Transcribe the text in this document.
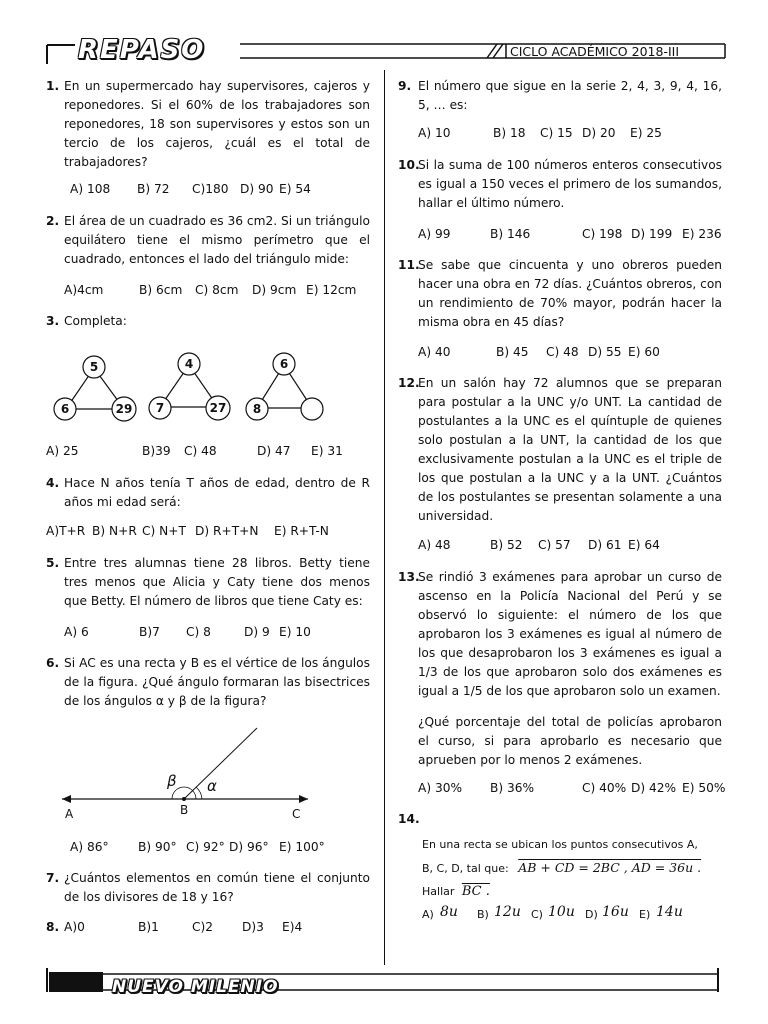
REPASO	CICLO ACADÉMICO 2018-III
1. En un supermercado hay supervisores, cajeros y reponedores. Si el 60% de los trabajadores son reponedores, 18 son supervisores y estos son un tercio de los cajeros, ¿cuál es el total de trabajadores?
A) 108 B) 72 C)180 D) 90 E) 54
2. El área de un cuadrado es 36 cm2. Si un triángulo equilátero tiene el mismo perímetro que el cuadrado, entonces el lado del triángulo mide:
A)4cm	B) 6cm C) 8cm D) 9cm E) 12cm
3. Completa:
5
6	29
4
7	27
6
8
A) 25	B)39 C) 48	D) 47 E) 31
4. Hace N años tenía T años de edad, dentro de R años mi edad será:
A)T+R B) N+R C) N+T D) R+T+N E) R+T-N
5. Entre tres alumnas tiene 28 libros. Betty tiene tres menos que Alicia y Caty tiene dos menos que Betty. El número de libros que tiene Caty es:
A) 6	B)7 C) 8	D) 9 E) 10
6. Si AC es una recta y B es el vértice de los ángulos de la figura. ¿Qué ángulo formaran las bisectrices de los ángulos α y β de la figura?
β α
A	B	C
A) 86° B) 90° C) 92° D) 96° E) 100°
7. ¿Cuántos elementos en común tiene el conjunto de los divisores de 18 y 16?
8. A)0	B)1	C)2 D)3 E)4
9. El número que sigue en la serie 2, 4, 3, 9, 4, 16, 5, … es:
A) 10	B) 18 C) 15 D) 20 E) 25
10.
Si la suma de 100 números enteros consecutivos es igual a 150 veces el primero de los sumandos, hallar el último número.
A) 99	B) 146	C) 198 D) 199 E) 236
11.
Se sabe que cincuenta y uno obreros pueden hacer una obra en 72 días. ¿Cuántos obreros, con un rendimiento de 70% mayor, podrán hacer la misma obra en 45 días?
A) 40	B) 45 C) 48 D) 55 E) 60
12.
En un salón hay 72 alumnos que se preparan para postular a la UNC y/o UNT. La cantidad de postulantes a la UNC es el quíntuple de quienes solo postulan a la UNT, la cantidad de los que exclusivamente postulan a la UNC es el triple de los que postulan a la UNC y a la UNT. ¿Cuántos de los postulantes se presentan solamente a una universidad.
A) 48	B) 52 C) 57 D) 61 E) 64
13.
Se rindió 3 exámenes para aprobar un curso de ascenso en la Policía Nacional del Perú y se observó lo siguiente: el número de los que aprobaron los 3 exámenes es igual al número de los que desaprobaron los 3 exámenes es igual a 1/3 de los que aprobaron solo dos exámenes es igual a 1/5 de los que aprobaron solo un examen.
¿Qué porcentaje del total de policías aprobaron el curso, si para aprobarlo es necesario que aprueben por lo menos 2 exámenes.
A) 30% B) 36%	C) 40% D) 42% E) 50%
14.
En una recta se ubican los puntos consecutivos A,
B, C, D, tal que: AB + CD = 2BC , AD = 36u .
Hallar BC .
A) 8u B) 12u C) 10u D) 16u E) 14u
NUEVO MILENIO
